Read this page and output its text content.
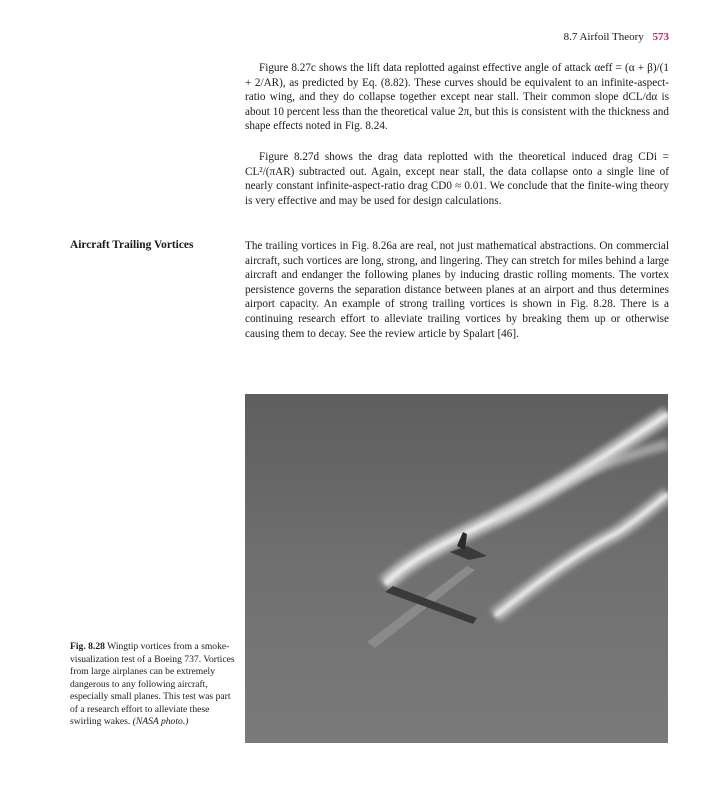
8.7 Airfoil Theory 573

Figure 8.27c shows the lift data replotted against effective angle of attack αeff = (α + β)/(1 + 2/AR), as predicted by Eq. (8.82). These curves should be equivalent to an infinite-aspect-ratio wing, and they do collapse together except near stall. Their common slope dCL/dα is about 10 percent less than the theoretical value 2π, but this is consistent with the thickness and shape effects noted in Fig. 8.24.

Figure 8.27d shows the drag data replotted with the theoretical induced drag CDi = CL²/(πAR) subtracted out. Again, except near stall, the data collapse onto a single line of nearly constant infinite-aspect-ratio drag CD0 ≈ 0.01. We conclude that the finite-wing theory is very effective and may be used for design calculations.

Aircraft Trailing Vortices	The trailing vortices in Fig. 8.26a are real, not just mathematical abstractions. On commercial aircraft, such vortices are long, strong, and lingering. They can stretch for miles behind a large aircraft and endanger the following planes by inducing drastic rolling moments. The vortex persistence governs the separation distance between planes at an airport and thus determines airport capacity. An example of strong trailing vortices is shown in Fig. 8.28. There is a continuing research effort to alleviate trailing vortices by breaking them up or otherwise causing them to decay. See the review article by Spalart [46].

Fig. 8.28 Wingtip vortices from a smoke-visualization test of a Boeing 737. Vortices from large airplanes can be extremely dangerous to any following aircraft, especially small planes. This test was part of a research effort to alleviate these swirling wakes. (NASA photo.)
